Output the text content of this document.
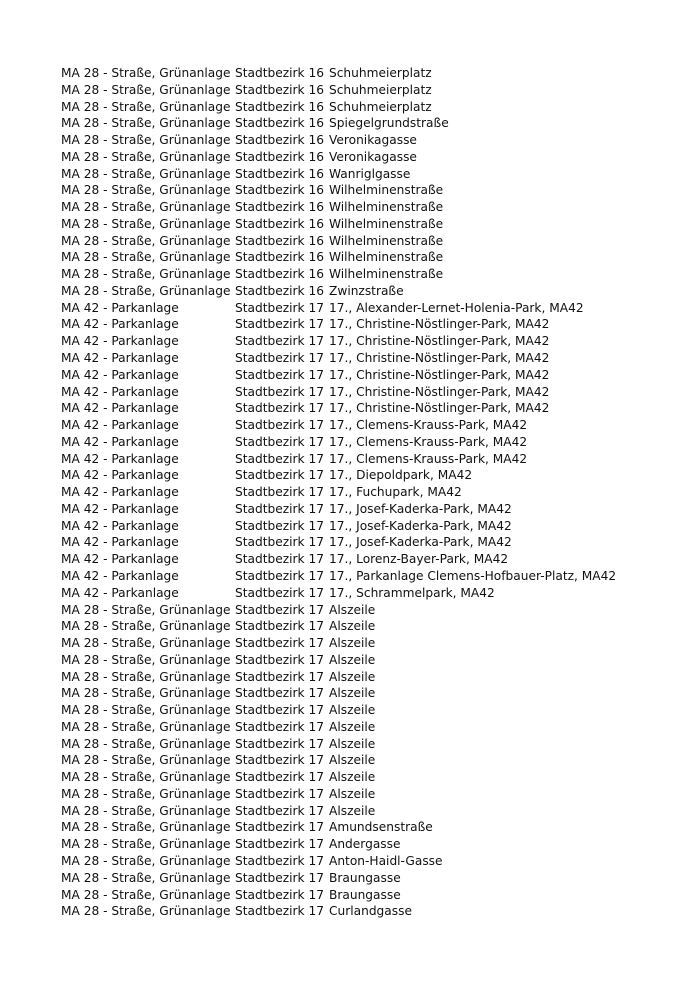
MA 28 - Straße, Grünanlage Stadtbezirk 16 Schuhmeierplatz
MA 28 - Straße, Grünanlage Stadtbezirk 16 Schuhmeierplatz
MA 28 - Straße, Grünanlage Stadtbezirk 16 Schuhmeierplatz
MA 28 - Straße, Grünanlage Stadtbezirk 16 Spiegelgrundstraße
MA 28 - Straße, Grünanlage Stadtbezirk 16 Veronikagasse
MA 28 - Straße, Grünanlage Stadtbezirk 16 Veronikagasse
MA 28 - Straße, Grünanlage Stadtbezirk 16 Wanriglgasse
MA 28 - Straße, Grünanlage Stadtbezirk 16 Wilhelminenstraße
MA 28 - Straße, Grünanlage Stadtbezirk 16 Wilhelminenstraße
MA 28 - Straße, Grünanlage Stadtbezirk 16 Wilhelminenstraße
MA 28 - Straße, Grünanlage Stadtbezirk 16 Wilhelminenstraße
MA 28 - Straße, Grünanlage Stadtbezirk 16 Wilhelminenstraße
MA 28 - Straße, Grünanlage Stadtbezirk 16 Wilhelminenstraße
MA 28 - Straße, Grünanlage Stadtbezirk 16 Zwinzstraße
MA 42 - Parkanlage	Stadtbezirk 17 17., Alexander-Lernet-Holenia-Park, MA42
MA 42 - Parkanlage	Stadtbezirk 17 17., Christine-Nöstlinger-Park, MA42
MA 42 - Parkanlage	Stadtbezirk 17 17., Christine-Nöstlinger-Park, MA42
MA 42 - Parkanlage	Stadtbezirk 17 17., Christine-Nöstlinger-Park, MA42
MA 42 - Parkanlage	Stadtbezirk 17 17., Christine-Nöstlinger-Park, MA42
MA 42 - Parkanlage	Stadtbezirk 17 17., Christine-Nöstlinger-Park, MA42
MA 42 - Parkanlage	Stadtbezirk 17 17., Christine-Nöstlinger-Park, MA42
MA 42 - Parkanlage	Stadtbezirk 17 17., Clemens-Krauss-Park, MA42
MA 42 - Parkanlage	Stadtbezirk 17 17., Clemens-Krauss-Park, MA42
MA 42 - Parkanlage	Stadtbezirk 17 17., Clemens-Krauss-Park, MA42
MA 42 - Parkanlage	Stadtbezirk 17 17., Diepoldpark, MA42
MA 42 - Parkanlage	Stadtbezirk 17 17., Fuchupark, MA42
MA 42 - Parkanlage	Stadtbezirk 17 17., Josef-Kaderka-Park, MA42
MA 42 - Parkanlage	Stadtbezirk 17 17., Josef-Kaderka-Park, MA42
MA 42 - Parkanlage	Stadtbezirk 17 17., Josef-Kaderka-Park, MA42
MA 42 - Parkanlage	Stadtbezirk 17 17., Lorenz-Bayer-Park, MA42
MA 42 - Parkanlage	Stadtbezirk 17 17., Parkanlage Clemens-Hofbauer-Platz, MA42
MA 42 - Parkanlage	Stadtbezirk 17 17., Schrammelpark, MA42
MA 28 - Straße, Grünanlage Stadtbezirk 17 Alszeile
MA 28 - Straße, Grünanlage Stadtbezirk 17 Alszeile
MA 28 - Straße, Grünanlage Stadtbezirk 17 Alszeile
MA 28 - Straße, Grünanlage Stadtbezirk 17 Alszeile
MA 28 - Straße, Grünanlage Stadtbezirk 17 Alszeile
MA 28 - Straße, Grünanlage Stadtbezirk 17 Alszeile
MA 28 - Straße, Grünanlage Stadtbezirk 17 Alszeile
MA 28 - Straße, Grünanlage Stadtbezirk 17 Alszeile
MA 28 - Straße, Grünanlage Stadtbezirk 17 Alszeile
MA 28 - Straße, Grünanlage Stadtbezirk 17 Alszeile
MA 28 - Straße, Grünanlage Stadtbezirk 17 Alszeile
MA 28 - Straße, Grünanlage Stadtbezirk 17 Alszeile
MA 28 - Straße, Grünanlage Stadtbezirk 17 Alszeile
MA 28 - Straße, Grünanlage Stadtbezirk 17 Amundsenstraße
MA 28 - Straße, Grünanlage Stadtbezirk 17 Andergasse
MA 28 - Straße, Grünanlage Stadtbezirk 17 Anton-Haidl-Gasse
MA 28 - Straße, Grünanlage Stadtbezirk 17 Braungasse
MA 28 - Straße, Grünanlage Stadtbezirk 17 Braungasse
MA 28 - Straße, Grünanlage Stadtbezirk 17 Curlandgasse
